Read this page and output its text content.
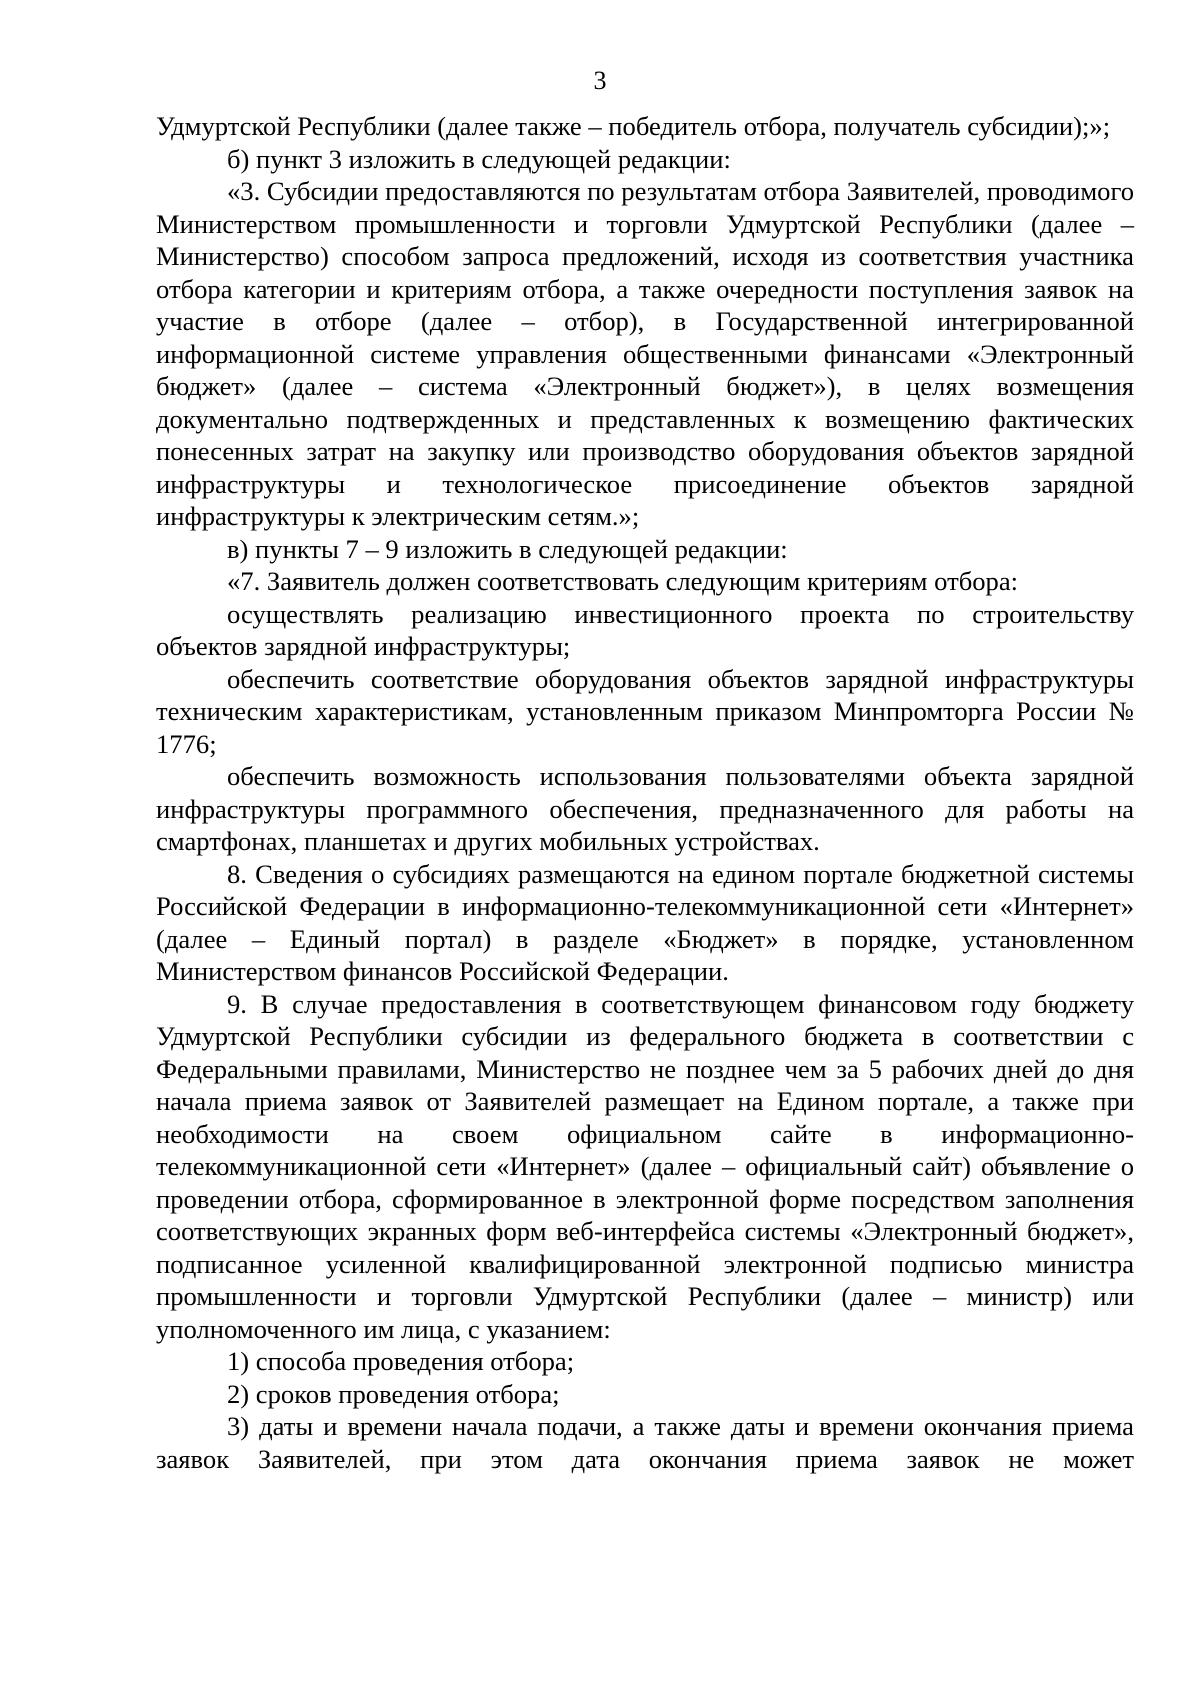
3

Удмуртской Республики (далее также – победитель отбора, получатель субсидии);»;

б) пункт 3 изложить в следующей редакции:

«3. Субсидии предоставляются по результатам отбора Заявителей, проводимого Министерством промышленности и торговли Удмуртской Республики (далее – Министерство) способом запроса предложений, исходя из соответствия участника отбора категории и критериям отбора, а также очередности поступления заявок на участие в отборе (далее – отбор), в Государственной интегрированной информационной системе управления общественными финансами «Электронный бюджет» (далее – система «Электронный бюджет»), в целях возмещения документально подтвержденных и представленных к возмещению фактических понесенных затрат на закупку или производство оборудования объектов зарядной инфраструктуры и технологическое присоединение объектов зарядной инфраструктуры к электрическим сетям.»;

в) пункты 7 – 9 изложить в следующей редакции:

«7. Заявитель должен соответствовать следующим критериям отбора:

осуществлять реализацию инвестиционного проекта по строительству объектов зарядной инфраструктуры;

обеспечить соответствие оборудования объектов зарядной инфраструктуры техническим характеристикам, установленным приказом Минпромторга России № 1776;

обеспечить возможность использования пользователями объекта зарядной инфраструктуры программного обеспечения, предназначенного для работы на смартфонах, планшетах и других мобильных устройствах.

8. Сведения о субсидиях размещаются на едином портале бюджетной системы Российской Федерации в информационно-телекоммуникационной сети «Интернет» (далее – Единый портал) в разделе «Бюджет» в порядке, установленном Министерством финансов Российской Федерации.

9. В случае предоставления в соответствующем финансовом году бюджету Удмуртской Республики субсидии из федерального бюджета в соответствии с Федеральными правилами, Министерство не позднее чем за 5 рабочих дней до дня начала приема заявок от Заявителей размещает на Едином портале, а также при необходимости на своем официальном сайте в информационно-телекоммуникационной сети «Интернет» (далее – официальный сайт) объявление о проведении отбора, сформированное в электронной форме посредством заполнения соответствующих экранных форм веб-интерфейса системы «Электронный бюджет», подписанное усиленной квалифицированной электронной подписью министра промышленности и торговли Удмуртской Республики (далее – министр) или уполномоченного им лица, с указанием:

1) способа проведения отбора;

2) сроков проведения отбора;

3) даты и времени начала подачи, а также даты и времени окончания приема заявок Заявителей, при этом дата окончания приема заявок не может
